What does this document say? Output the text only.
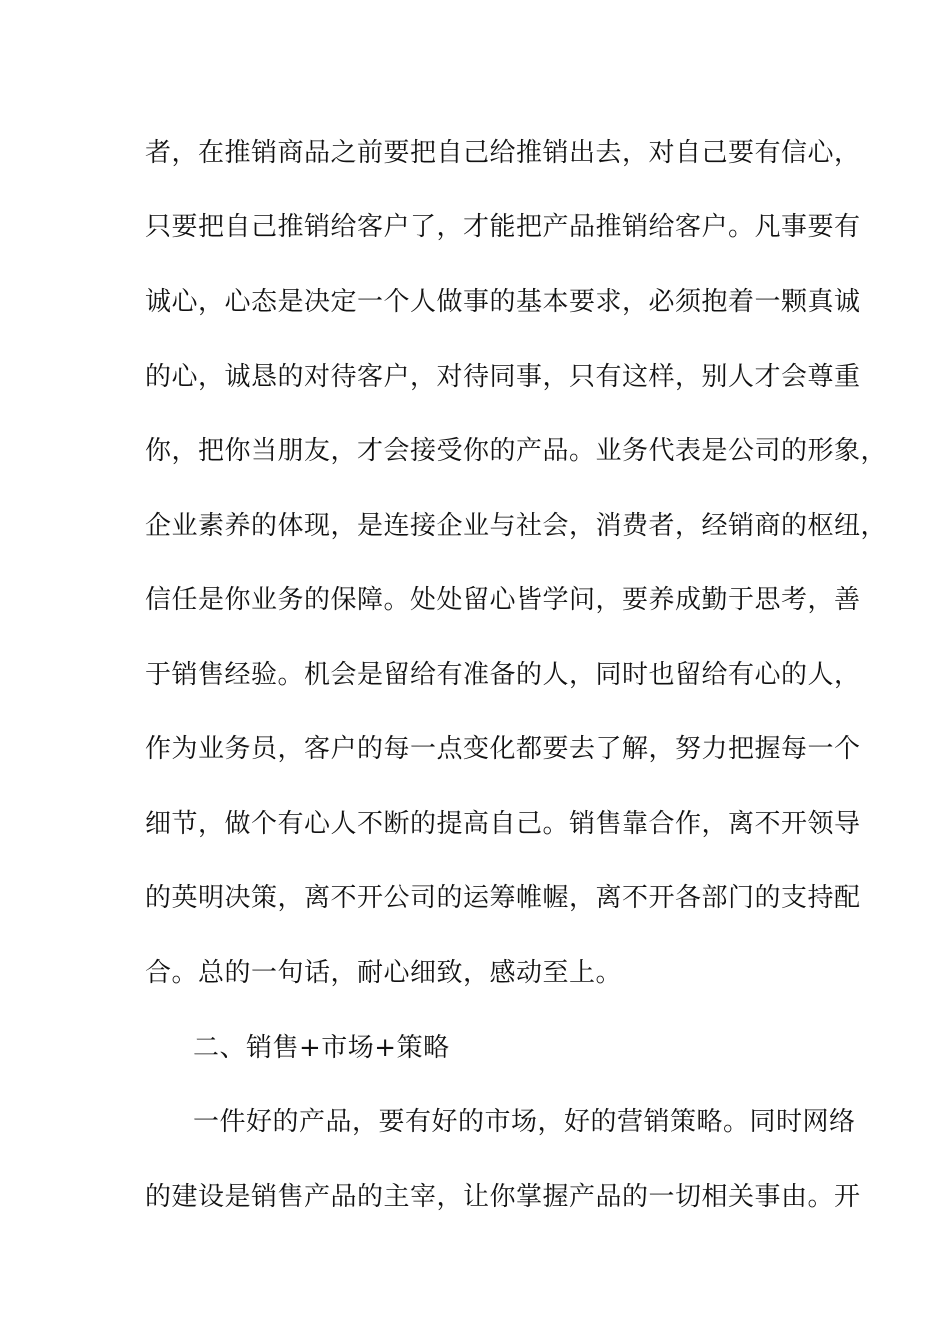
者，在推销商品之前要把自己给推销出去，对自己要有信心，
只要把自己推销给客户了，才能把产品推销给客户。凡事要有
诚心，心态是决定一个人做事的基本要求，必须抱着一颗真诚
的心，诚恳的对待客户，对待同事，只有这样，别人才会尊重
你，把你当朋友，才会接受你的产品。业务代表是公司的形象，
企业素养的体现，是连接企业与社会，消费者，经销商的枢纽，
信任是你业务的保障。处处留心皆学问，要养成勤于思考，善
于销售经验。机会是留给有准备的人，同时也留给有心的人，
作为业务员，客户的每一点变化都要去了解，努力把握每一个
细节，做个有心人不断的提高自己。销售靠合作，离不开领导
的英明决策，离不开公司的运筹帷幄，离不开各部门的支持配
合。总的一句话，耐心细致，感动至上。
二、销售+市场+策略
一件好的产品，要有好的市场，好的营销策略。同时网络
的建设是销售产品的主宰，让你掌握产品的一切相关事由。开
